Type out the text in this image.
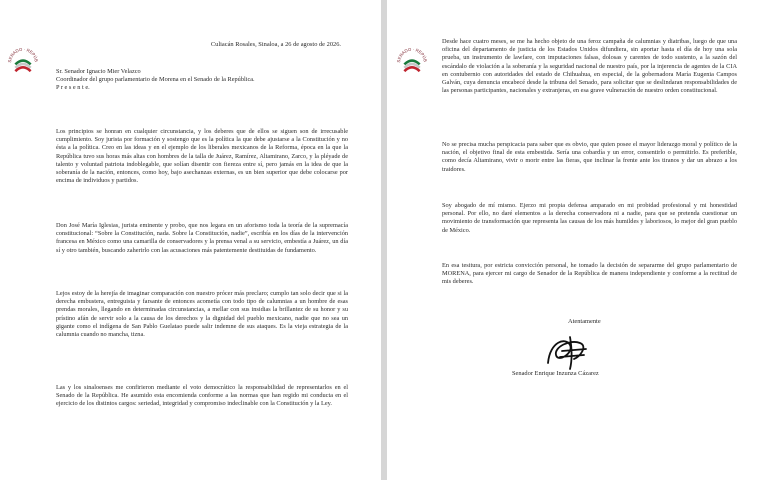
SENADO · REPÚB
Culiacán Rosales, Sinaloa, a 26 de agosto de 2026.
Sr. Senador Ignacio Mier Velazco
Coordinador del grupo parlamentario de Morena en el Senado de la República.
P r e s e n t e.
Los principios se honran en cualquier circunstancia, y los deberes que de ellos se siguen son de irrecusable cumplimiento. Soy jurista por formación y sostengo que es la política la que debe ajustarse a la Constitución y no ésta a la política. Creo en las ideas y en el ejemplo de los liberales mexicanos de la Reforma, época en la que la República tuvo sus horas más altas con hombres de la talla de Juárez, Ramírez, Altamirano, Zarco, y la pléyade de talento y voluntad patriota indoblegable, que solían disentir con fiereza entre sí, pero jamás en la idea de que la soberanía de la nación, entonces, como hoy, bajo asechanzas externas, es un bien superior que debe colocarse por encima de individuos y partidos.
Don José María Iglesias, jurista eminente y probo, que nos legara en un aforismo toda la teoría de la supremacía constitucional: “Sobre la Constitución, nada. Sobre la Constitución, nadie”, escribía en los días de la intervención francesa en México como una camarilla de conservadores y la prensa venal a su servicio, embestía a Juárez, un día sí y otro también, buscando zaherirlo con las acusaciones más patentemente destituidas de fundamento.
Lejos estoy de la herejía de imaginar comparación con nuestro prócer más preclaro; cumplo tan solo decir que si la derecha embustera, entreguista y farsante de entonces acometía con todo tipo de calumnias a un hombre de esas prendas morales, llegando en determinadas circunstancias, a mellar con sus insidias la brillantez de su honor y su prístino afán de servir solo a la causa de los derechos y la dignidad del pueblo mexicano, nadie que no sea un gigante como el indígena de San Pablo Guelatao puede salir indemne de sus ataques. Es la vieja estrategia de la calumnia cuando no mancha, tizna.
Las y los sinaloenses me confirieron mediante el voto democrático la responsabilidad de representarlos en el Senado de la República. He asumido esta encomienda conforme a las normas que han regido mi conducta en el ejercicio de los distintos cargos: seriedad, integridad y compromiso indeclinable con la Constitución y la Ley.
SENADO · REPÚB
Desde hace cuatro meses, se me ha hecho objeto de una feroz campaña de calumnias y diatribas, luego de que una oficina del departamento de justicia de los Estados Unidos difundiera, sin aportar hasta el día de hoy una sola prueba, un instrumento de lawfare, con imputaciones falsas, dolosas y carentes de todo sustento, a la sazón del escándalo de violación a la soberanía y la seguridad nacional de nuestro país, por la injerencia de agentes de la CIA en contubernio con autoridades del estado de Chihuahua, en especial, de la gobernadora María Eugenia Campos Galván, cuya denuncia encabecé desde la tribuna del Senado, para solicitar que se deslindaran responsabilidades de las personas participantes, nacionales y extranjeras, en esa grave vulneración de nuestro orden constitucional.
No se precisa mucha perspicacia para saber que es obvio, que quien posee el mayor liderazgo moral y político de la nación, el objetivo final de esta embestida. Sería una cobardía y un error, consentirlo o permitirlo. Es preferible, como decía Altamirano, vivir o morir entre las fieras, que inclinar la frente ante los tiranos y dar un abrazo a los traidores.
Soy abogado de mí mismo. Ejerzo mi propia defensa amparado en mi probidad profesional y mi honestidad personal. Por ello, no daré elementos a la derecha conservadora ni a nadie, para que se pretenda cuestionar un movimiento de transformación que representa las causas de los más humildes y laboriosos, lo mejor del gran pueblo de México.
En esa tesitura, por estricta convicción personal, he tomado la decisión de separarme del grupo parlamentario de MORENA, para ejercer mi cargo de Senador de la República de manera independiente y conforme a la rectitud de mis deberes.
Atentamente
Senador Enrique Inzunza Cázarez
